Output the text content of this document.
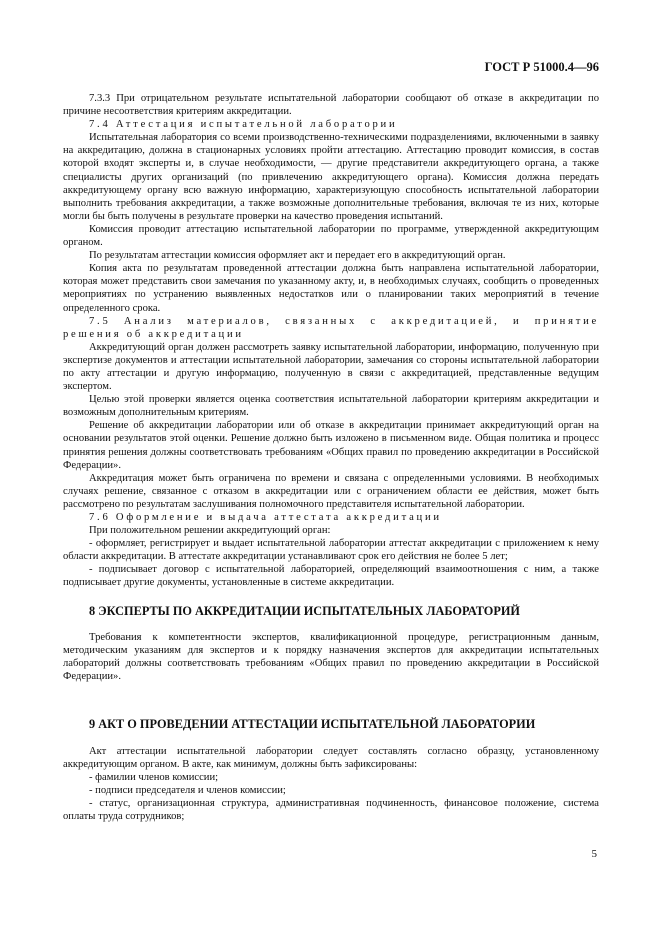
ГОСТ Р 51000.4—96

7.3.3 При отрицательном результате испытательной лаборатории сообщают об отказе в аккредитации по причине несоответствия критериям аккредитации.

7.4 Аттестация испытательной лаборатории

Испытательная лаборатория со всеми производственно-техническими подразделениями, включенными в заявку на аккредитацию, должна в стационарных условиях пройти аттестацию. Аттестацию проводит комиссия, в состав которой входят эксперты и, в случае необходимости, — другие представители аккредитующего органа, а также специалисты других организаций (по привлечению аккредитующего органа). Комиссия должна передать аккредитующему органу всю важную информацию, характеризующую способность испытательной лаборатории выполнить требования аккредитации, а также возможные дополнительные требования, включая те из них, которые могли бы быть получены в результате проверки на качество проведения испытаний.

Комиссия проводит аттестацию испытательной лаборатории по программе, утвержденной аккредитующим органом.

По результатам аттестации комиссия оформляет акт и передает его в аккредитующий орган.

Копия акта по результатам проведенной аттестации должна быть направлена испытательной лаборатории, которая может представить свои замечания по указанному акту, и, в необходимых случаях, сообщить о проведенных мероприятиях по устранению выявленных недостатков или о планировании таких мероприятий в течение определенного срока.

7.5 Анализ материалов, связанных с аккредитацией, и принятие решения об аккредитации

Аккредитующий орган должен рассмотреть заявку испытательной лаборатории, информацию, полученную при экспертизе документов и аттестации испытательной лаборатории, замечания со стороны испытательной лаборатории по акту аттестации и другую информацию, полученную в связи с аккредитацией, представленные ведущим экспертом.

Целью этой проверки является оценка соответствия испытательной лаборатории критериям аккредитации и возможным дополнительным критериям.

Решение об аккредитации лаборатории или об отказе в аккредитации принимает аккредитующий орган на основании результатов этой оценки. Решение должно быть изложено в письменном виде. Общая политика и процесс принятия решения должны соответствовать требованиям «Общих правил по проведению аккредитации в Российской Федерации».

Аккредитация может быть ограничена по времени и связана с определенными условиями. В необходимых случаях решение, связанное с отказом в аккредитации или с ограничением области ее действия, может быть рассмотрено по результатам заслушивания полномочного представителя испытательной лаборатории.

7.6 Оформление и выдача аттестата аккредитации

При положительном решении аккредитующий орган:

- оформляет, регистрирует и выдает испытательной лаборатории аттестат аккредитации с приложением к нему области аккредитации. В аттестате аккредитации устанавливают срок его действия не более 5 лет;

- подписывает договор с испытательной лабораторией, определяющий взаимоотношения с ним, а также подписывает другие документы, установленные в системе аккредитации.

8 ЭКСПЕРТЫ ПО АККРЕДИТАЦИИ ИСПЫТАТЕЛЬНЫХ ЛАБОРАТОРИЙ

Требования к компетентности экспертов, квалификационной процедуре, регистрационным данным, методическим указаниям для экспертов и к порядку назначения экспертов для аккредитации испытательных лабораторий должны соответствовать требованиям «Общих правил по проведению аккредитации в Российской Федерации».

9 АКТ О ПРОВЕДЕНИИ АТТЕСТАЦИИ ИСПЫТАТЕЛЬНОЙ ЛАБОРАТОРИИ

Акт аттестации испытательной лаборатории следует составлять согласно образцу, установленному аккредитующим органом. В акте, как минимум, должны быть зафиксированы:

- фамилии членов комиссии;

- подписи председателя и членов комиссии;

- статус, организационная структура, административная подчиненность, финансовое положение, система оплаты труда сотрудников;

5
